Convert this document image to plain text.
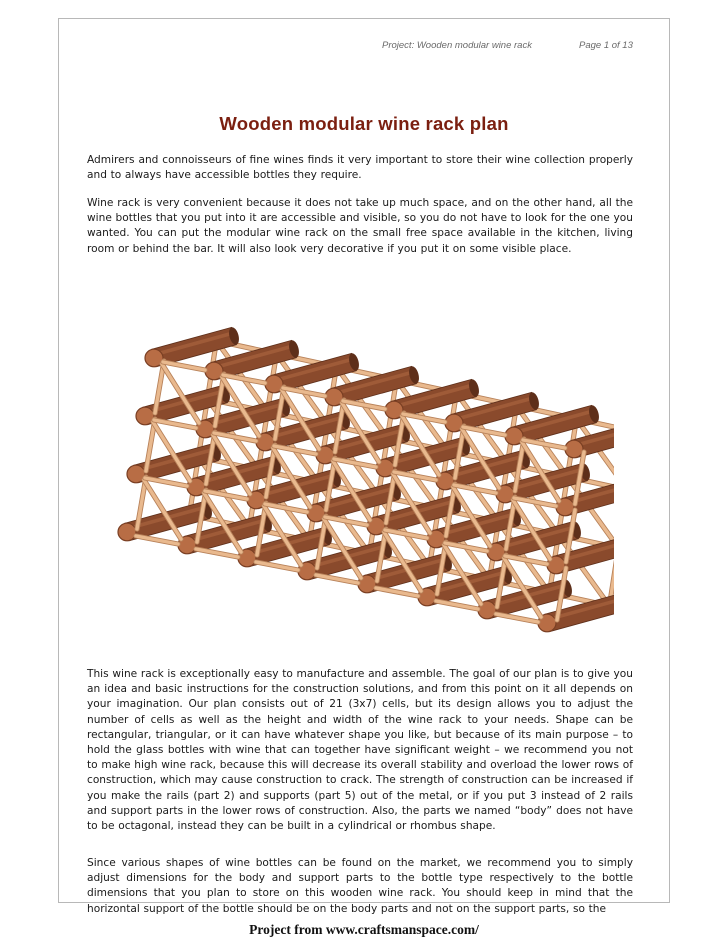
Project: Wooden modular wine rack	Page 1 of 13
Wooden modular wine rack plan

Admirers and connoisseurs of fine wines finds it very important to store their wine collection properly and to always have accessible bottles they require.

Wine rack is very convenient because it does not take up much space, and on the other hand, all the wine bottles that you put into it are accessible and visible, so you do not have to look for the one you wanted. You can put the modular wine rack on the small free space available in the kitchen, living room or behind the bar. It will also look very decorative if you put it on some visible place.

This wine rack is exceptionally easy to manufacture and assemble. The goal of our plan is to give you an idea and basic instructions for the construction solutions, and from this point on it all depends on your imagination. Our plan consists out of 21 (3x7) cells, but its design allows you to adjust the number of cells as well as the height and width of the wine rack to your needs. Shape can be rectangular, triangular, or it can have whatever shape you like, but because of its main purpose – to hold the glass bottles with wine that can together have significant weight – we recommend you not to make high wine rack, because this will decrease its overall stability and overload the lower rows of construction, which may cause construction to crack. The strength of construction can be increased if you make the rails (part 2) and supports (part 5) out of the metal, or if you put 3 instead of 2 rails and support parts in the lower rows of construction. Also, the parts we named “body” does not have to be octagonal, instead they can be built in a cylindrical or rhombus shape.

Since various shapes of wine bottles can be found on the market, we recommend you to simply adjust dimensions for the body and support parts to the bottle type respectively to the bottle dimensions that you plan to store on this wooden wine rack. You should keep in mind that the horizontal support of the bottle should be on the body parts and not on the support parts, so the

Project from www.craftsmanspace.com/
